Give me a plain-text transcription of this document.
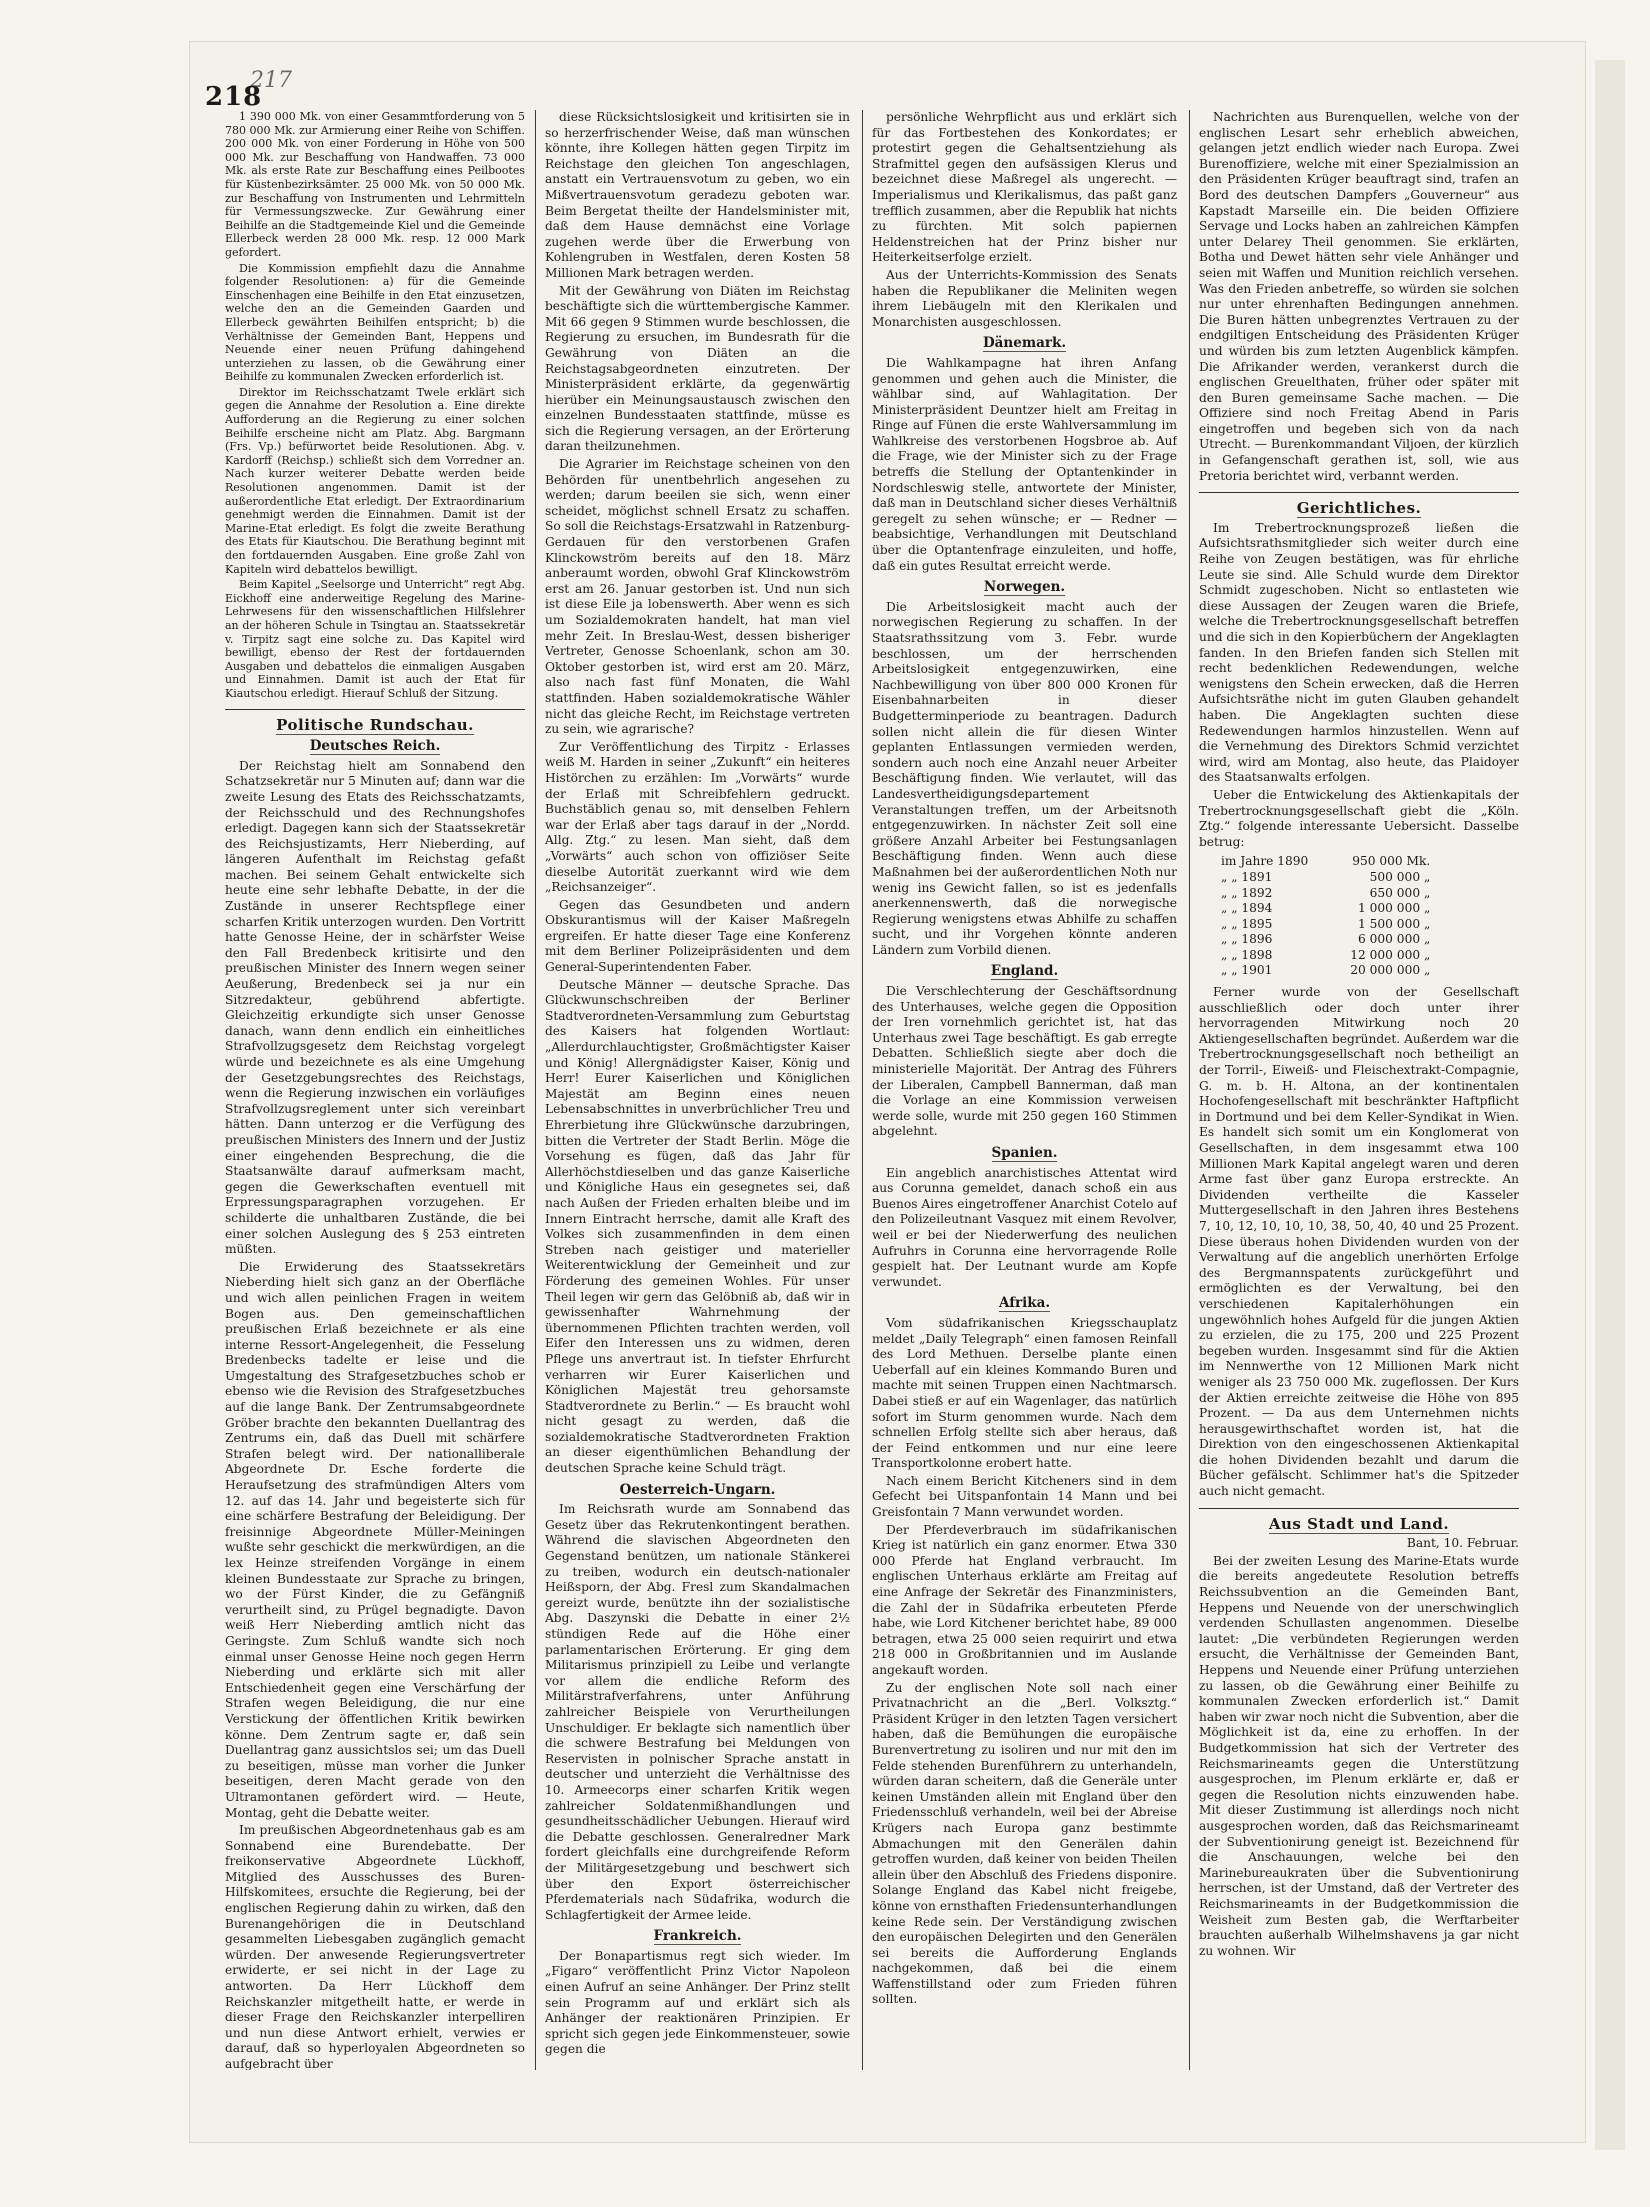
217
218

1 390 000 Mk. von einer Gesammtforderung von 5 780 000 Mk. zur Armierung einer Reihe von Schiffen. 200 000 Mk. von einer Forderung in Höhe von 500 000 Mk. zur Beschaffung von Handwaffen. 73 000 Mk. als erste Rate zur Beschaffung eines Peilbootes für Küstenbezirksämter. 25 000 Mk. von 50 000 Mk. zur Beschaffung von Instrumenten und Lehrmitteln für Vermessungszwecke. Zur Gewährung einer Beihilfe an die Stadtgemeinde Kiel und die Gemeinde Ellerbeck werden 28 000 Mk. resp. 12 000 Mark gefordert.

Die Kommission empfiehlt dazu die Annahme folgender Resolutionen: a) für die Gemeinde Einschenhagen eine Beihilfe in den Etat einzusetzen, welche den an die Gemeinden Gaarden und Ellerbeck gewährten Beihilfen entspricht; b) die Verhältnisse der Gemeinden Bant, Heppens und Neuende einer neuen Prüfung dahingehend unterziehen zu lassen, ob die Gewährung einer Beihilfe zu kommunalen Zwecken erforderlich ist.

Direktor im Reichsschatzamt Twele erklärt sich gegen die Annahme der Resolution a. Eine direkte Aufforderung an die Regierung zu einer solchen Beihilfe erscheine nicht am Platz. Abg. Bargmann (Frs. Vp.) befürwortet beide Resolutionen. Abg. v. Kardorff (Reichsp.) schließt sich dem Vorredner an. Nach kurzer weiterer Debatte werden beide Resolutionen angenommen. Damit ist der außerordentliche Etat erledigt. Der Extraordinarium genehmigt werden die Einnahmen. Damit ist der Marine-Etat erledigt. Es folgt die zweite Berathung des Etats für Kiautschou. Die Berathung beginnt mit den fortdauernden Ausgaben. Eine große Zahl von Kapiteln wird debattelos bewilligt.

Beim Kapitel „Seelsorge und Unterricht“ regt Abg. Eickhoff eine anderweitige Regelung des Marine-Lehrwesens für den wissenschaftlichen Hilfslehrer an der höheren Schule in Tsingtau an. Staatssekretär v. Tirpitz sagt eine solche zu. Das Kapitel wird bewilligt, ebenso der Rest der fortdauernden Ausgaben und debattelos die einmaligen Ausgaben und Einnahmen. Damit ist auch der Etat für Kiautschou erledigt. Hierauf Schluß der Sitzung.

Politische Rundschau.
Deutsches Reich.

Der Reichstag hielt am Sonnabend den Schatzsekretär nur 5 Minuten auf; dann war die zweite Lesung des Etats des Reichsschatzamts, der Reichsschuld und des Rechnungshofes erledigt. Dagegen kann sich der Staatssekretär des Reichsjustizamts, Herr Nieberding, auf längeren Aufenthalt im Reichstag gefaßt machen. Bei seinem Gehalt entwickelte sich heute eine sehr lebhafte Debatte, in der die Zustände in unserer Rechtspflege einer scharfen Kritik unterzogen wurden. Den Vortritt hatte Genosse Heine, der in schärfster Weise den Fall Bredenbeck kritisirte und den preußischen Minister des Innern wegen seiner Aeußerung, Bredenbeck sei ja nur ein Sitzredakteur, gebührend abfertigte. Gleichzeitig erkundigte sich unser Genosse danach, wann denn endlich ein einheitliches Strafvollzugsgesetz dem Reichstag vorgelegt würde und bezeichnete es als eine Umgehung der Gesetzgebungsrechtes des Reichstags, wenn die Regierung inzwischen ein vorläufiges Strafvollzugsreglement unter sich vereinbart hätten. Dann unterzog er die Verfügung des preußischen Ministers des Innern und der Justiz einer eingehenden Besprechung, die die Staatsanwälte darauf aufmerksam macht, gegen die Gewerkschaften eventuell mit Erpressungsparagraphen vorzugehen. Er schilderte die unhaltbaren Zustände, die bei einer solchen Auslegung des § 253 eintreten müßten.

Die Erwiderung des Staatssekretärs Nieberding hielt sich ganz an der Oberfläche und wich allen peinlichen Fragen in weitem Bogen aus. Den gemeinschaftlichen preußischen Erlaß bezeichnete er als eine interne Ressort-Angelegenheit, die Fesselung Bredenbecks tadelte er leise und die Umgestaltung des Strafgesetzbuches schob er ebenso wie die Revision des Strafgesetzbuches auf die lange Bank. Der Zentrumsabgeordnete Gröber brachte den bekannten Duellantrag des Zentrums ein, daß das Duell mit schärfere Strafen belegt wird. Der nationalliberale Abgeordnete Dr. Esche forderte die Heraufsetzung des strafmündigen Alters vom 12. auf das 14. Jahr und begeisterte sich für eine schärfere Bestrafung der Beleidigung. Der freisinnige Abgeordnete Müller-Meiningen wußte sehr geschickt die merkwürdigen, an die lex Heinze streifenden Vorgänge in einem kleinen Bundesstaate zur Sprache zu bringen, wo der Fürst Kinder, die zu Gefängniß verurtheilt sind, zu Prügel begnadigte. Davon weiß Herr Nieberding amtlich nicht das Geringste. Zum Schluß wandte sich noch einmal unser Genosse Heine noch gegen Herrn Nieberding und erklärte sich mit aller Entschiedenheit gegen eine Verschärfung der Strafen wegen Beleidigung, die nur eine Verstickung der öffentlichen Kritik bewirken könne. Dem Zentrum sagte er, daß sein Duellantrag ganz aussichtslos sei; um das Duell zu beseitigen, müsse man vorher die Junker beseitigen, deren Macht gerade von den Ultramontanen gefördert wird. — Heute, Montag, geht die Debatte weiter.

Im preußischen Abgeordnetenhaus gab es am Sonnabend eine Burendebatte. Der freikonservative Abgeordnete Lückhoff, Mitglied des Ausschusses des Buren-Hilfskomitees, ersuchte die Regierung, bei der englischen Regierung dahin zu wirken, daß den Burenangehörigen die in Deutschland gesammelten Liebesgaben zugänglich gemacht würden. Der anwesende Regierungsvertreter erwiderte, er sei nicht in der Lage zu antworten. Da Herr Lückhoff dem Reichskanzler mitgetheilt hatte, er werde in dieser Frage den Reichskanzler interpelliren und nun diese Antwort erhielt, verwies er darauf, daß so hyperloyalen Abgeordneten so aufgebracht über

diese Rücksichtslosigkeit und kritisirten sie in so herzerfrischender Weise, daß man wünschen könnte, ihre Kollegen hätten gegen Tirpitz im Reichstage den gleichen Ton angeschlagen, anstatt ein Vertrauensvotum zu geben, wo ein Mißvertrauensvotum geradezu geboten war. Beim Bergetat theilte der Handelsminister mit, daß dem Hause demnächst eine Vorlage zugehen werde über die Erwerbung von Kohlengruben in Westfalen, deren Kosten 58 Millionen Mark betragen werden.

Mit der Gewährung von Diäten im Reichstag beschäftigte sich die württembergische Kammer. Mit 66 gegen 9 Stimmen wurde beschlossen, die Regierung zu ersuchen, im Bundesrath für die Gewährung von Diäten an die Reichstagsabgeordneten einzutreten. Der Ministerpräsident erklärte, da gegenwärtig hierüber ein Meinungsaustausch zwischen den einzelnen Bundesstaaten stattfinde, müsse es sich die Regierung versagen, an der Erörterung daran theilzunehmen.

Die Agrarier im Reichstage scheinen von den Behörden für unentbehrlich angesehen zu werden; darum beeilen sie sich, wenn einer scheidet, möglichst schnell Ersatz zu schaffen. So soll die Reichstags-Ersatzwahl in Ratzenburg-Gerdauen für den verstorbenen Grafen Klinckowström bereits auf den 18. März anberaumt worden, obwohl Graf Klinckowström erst am 26. Januar gestorben ist. Und nun sich ist diese Eile ja lobenswerth. Aber wenn es sich um Sozialdemokraten handelt, hat man viel mehr Zeit. In Breslau-West, dessen bisheriger Vertreter, Genosse Schoenlank, schon am 30. Oktober gestorben ist, wird erst am 20. März, also nach fast fünf Monaten, die Wahl stattfinden. Haben sozialdemokratische Wähler nicht das gleiche Recht, im Reichstage vertreten zu sein, wie agrarische?

Zur Veröffentlichung des Tirpitz - Erlasses weiß M. Harden in seiner „Zukunft“ ein heiteres Histörchen zu erzählen: Im „Vorwärts“ wurde der Erlaß mit Schreibfehlern gedruckt. Buchstäblich genau so, mit denselben Fehlern war der Erlaß aber tags darauf in der „Nordd. Allg. Ztg.“ zu lesen. Man sieht, daß dem „Vorwärts“ auch schon von offiziöser Seite dieselbe Autorität zuerkannt wird wie dem „Reichsanzeiger“.

Gegen das Gesundbeten und andern Obskurantismus will der Kaiser Maßregeln ergreifen. Er hatte dieser Tage eine Konferenz mit dem Berliner Polizeipräsidenten und dem General-Superintendenten Faber.

Deutsche Männer — deutsche Sprache. Das Glückwunschschreiben der Berliner Stadtverordneten-Versammlung zum Geburtstag des Kaisers hat folgenden Wortlaut: „Allerdurchlauchtigster, Großmächtigster Kaiser und König! Allergnädigster Kaiser, König und Herr! Eurer Kaiserlichen und Königlichen Majestät am Beginn eines neuen Lebensabschnittes in unverbrüchlicher Treu und Ehrerbietung ihre Glückwünsche darzubringen, bitten die Vertreter der Stadt Berlin. Möge die Vorsehung es fügen, daß das Jahr für Allerhöchstdieselben und das ganze Kaiserliche und Königliche Haus ein gesegnetes sei, daß nach Außen der Frieden erhalten bleibe und im Innern Eintracht herrsche, damit alle Kraft des Volkes sich zusammenfinden in dem einen Streben nach geistiger und materieller Weiterentwicklung der Gemeinheit und zur Förderung des gemeinen Wohles. Für unser Theil legen wir gern das Gelöbniß ab, daß wir in gewissenhafter Wahrnehmung der übernommenen Pflichten trachten werden, voll Eifer den Interessen uns zu widmen, deren Pflege uns anvertraut ist. In tiefster Ehrfurcht verharren wir Eurer Kaiserlichen und Königlichen Majestät treu gehorsamste Stadtverordnete zu Berlin.“ — Es braucht wohl nicht gesagt zu werden, daß die sozialdemokratische Stadtverordneten Fraktion an dieser eigenthümlichen Behandlung der deutschen Sprache keine Schuld trägt.

Oesterreich-Ungarn.

Im Reichsrath wurde am Sonnabend das Gesetz über das Rekrutenkontingent berathen. Während die slavischen Abgeordneten den Gegenstand benützen, um nationale Stänkerei zu treiben, wodurch ein deutsch-nationaler Heißsporn, der Abg. Fresl zum Skandalmachen gereizt wurde, benützte ihn der sozialistische Abg. Daszynski die Debatte in einer 2½ stündigen Rede auf die Höhe einer parlamentarischen Erörterung. Er ging dem Militarismus prinzipiell zu Leibe und verlangte vor allem die endliche Reform des Militärstrafverfahrens, unter Anführung zahlreicher Beispiele von Verurtheilungen Unschuldiger. Er beklagte sich namentlich über die schwere Bestrafung bei Meldungen von Reservisten in polnischer Sprache anstatt in deutscher und unterzieht die Verhältnisse des 10. Armeecorps einer scharfen Kritik wegen zahlreicher Soldatenmißhandlungen und gesundheitsschädlicher Uebungen. Hierauf wird die Debatte geschlossen. Generalredner Mark fordert gleichfalls eine durchgreifende Reform der Militärgesetzgebung und beschwert sich über den Export österreichischer Pferdematerials nach Südafrika, wodurch die Schlagfertigkeit der Armee leide.

Frankreich.

Der Bonapartismus regt sich wieder. Im „Figaro“ veröffentlicht Prinz Victor Napoleon einen Aufruf an seine Anhänger. Der Prinz stellt sein Programm auf und erklärt sich als Anhänger der reaktionären Prinzipien. Er spricht sich gegen jede Einkommensteuer, sowie gegen die

persönliche Wehrpflicht aus und erklärt sich für das Fortbestehen des Konkordates; er protestirt gegen die Gehaltsentziehung als Strafmittel gegen den aufsässigen Klerus und bezeichnet diese Maßregel als ungerecht. — Imperialismus und Klerikalismus, das paßt ganz trefflich zusammen, aber die Republik hat nichts zu fürchten. Mit solch papiernen Heldenstreichen hat der Prinz bisher nur Heiterkeitserfolge erzielt.

Aus der Unterrichts-Kommission des Senats haben die Republikaner die Meliniten wegen ihrem Liebäugeln mit den Klerikalen und Monarchisten ausgeschlossen.

Dänemark.

Die Wahlkampagne hat ihren Anfang genommen und gehen auch die Minister, die wählbar sind, auf Wahlagitation. Der Ministerpräsident Deuntzer hielt am Freitag in Ringe auf Fünen die erste Wahlversammlung im Wahlkreise des verstorbenen Hogsbroe ab. Auf die Frage, wie der Minister sich zu der Frage betreffs die Stellung der Optantenkinder in Nordschleswig stelle, antwortete der Minister, daß man in Deutschland sicher dieses Verhältniß geregelt zu sehen wünsche; er — Redner — beabsichtige, Verhandlungen mit Deutschland über die Optantenfrage einzuleiten, und hoffe, daß ein gutes Resultat erreicht werde.

Norwegen.

Die Arbeitslosigkeit macht auch der norwegischen Regierung zu schaffen. In der Staatsrathssitzung vom 3. Febr. wurde beschlossen, um der herrschenden Arbeitslosigkeit entgegenzuwirken, eine Nachbewilligung von über 800 000 Kronen für Eisenbahnarbeiten in dieser Budgetterminperiode zu beantragen. Dadurch sollen nicht allein die für diesen Winter geplanten Entlassungen vermieden werden, sondern auch noch eine Anzahl neuer Arbeiter Beschäftigung finden. Wie verlautet, will das Landesvertheidigungsdepartement Veranstaltungen treffen, um der Arbeitsnoth entgegenzuwirken. In nächster Zeit soll eine größere Anzahl Arbeiter bei Festungsanlagen Beschäftigung finden. Wenn auch diese Maßnahmen bei der außerordentlichen Noth nur wenig ins Gewicht fallen, so ist es jedenfalls anerkennenswerth, daß die norwegische Regierung wenigstens etwas Abhilfe zu schaffen sucht, und ihr Vorgehen könnte anderen Ländern zum Vorbild dienen.

England.

Die Verschlechterung der Geschäftsordnung des Unterhauses, welche gegen die Opposition der Iren vornehmlich gerichtet ist, hat das Unterhaus zwei Tage beschäftigt. Es gab erregte Debatten. Schließlich siegte aber doch die ministerielle Majorität. Der Antrag des Führers der Liberalen, Campbell Bannerman, daß man die Vorlage an eine Kommission verweisen werde solle, wurde mit 250 gegen 160 Stimmen abgelehnt.

Spanien.

Ein angeblich anarchistisches Attentat wird aus Corunna gemeldet, danach schoß ein aus Buenos Aires eingetroffener Anarchist Cotelo auf den Polizeileutnant Vasquez mit einem Revolver, weil er bei der Niederwerfung des neulichen Aufruhrs in Corunna eine hervorragende Rolle gespielt hat. Der Leutnant wurde am Kopfe verwundet.

Afrika.

Vom südafrikanischen Kriegsschauplatz meldet „Daily Telegraph“ einen famosen Reinfall des Lord Methuen. Derselbe plante einen Ueberfall auf ein kleines Kommando Buren und machte mit seinen Truppen einen Nachtmarsch. Dabei stieß er auf ein Wagenlager, das natürlich sofort im Sturm genommen wurde. Nach dem schnellen Erfolg stellte sich aber heraus, daß der Feind entkommen und nur eine leere Transportkolonne erobert hatte.

Nach einem Bericht Kitcheners sind in dem Gefecht bei Uitspanfontain 14 Mann und bei Greisfontain 7 Mann verwundet worden.

Der Pferdeverbrauch im südafrikanischen Krieg ist natürlich ein ganz enormer. Etwa 330 000 Pferde hat England verbraucht. Im englischen Unterhaus erklärte am Freitag auf eine Anfrage der Sekretär des Finanzministers, die Zahl der in Südafrika erbeuteten Pferde habe, wie Lord Kitchener berichtet habe, 89 000 betragen, etwa 25 000 seien requirirt und etwa 218 000 in Großbritannien und im Auslande angekauft worden.

Zu der englischen Note soll nach einer Privatnachricht an die „Berl. Volksztg.“ Präsident Krüger in den letzten Tagen versichert haben, daß die Bemühungen die europäische Burenvertretung zu isoliren und nur mit den im Felde stehenden Burenführern zu unterhandeln, würden daran scheitern, daß die Generäle unter keinen Umständen allein mit England über den Friedensschluß verhandeln, weil bei der Abreise Krügers nach Europa ganz bestimmte Abmachungen mit den Generälen dahin getroffen wurden, daß keiner von beiden Theilen allein über den Abschluß des Friedens disponire. Solange England das Kabel nicht freigebe, könne von ernsthaften Friedensunterhandlungen keine Rede sein. Der Verständigung zwischen den europäischen Delegirten und den Generälen sei bereits die Aufforderung Englands nachgekommen, daß bei die einem Waffenstillstand oder zum Frieden führen sollten.

Nachrichten aus Burenquellen, welche von der englischen Lesart sehr erheblich abweichen, gelangen jetzt endlich wieder nach Europa. Zwei Burenoffiziere, welche mit einer Spezialmission an den Präsidenten Krüger beauftragt sind, trafen an Bord des deutschen Dampfers „Gouverneur“ aus Kapstadt Marseille ein. Die beiden Offiziere Servage und Locks haben an zahlreichen Kämpfen unter Delarey Theil genommen. Sie erklärten, Botha und Dewet hätten sehr viele Anhänger und seien mit Waffen und Munition reichlich versehen. Was den Frieden anbetreffe, so würden sie solchen nur unter ehrenhaften Bedingungen annehmen. Die Buren hätten unbegrenztes Vertrauen zu der endgiltigen Entscheidung des Präsidenten Krüger und würden bis zum letzten Augenblick kämpfen. Die Afrikander werden, verankerst durch die englischen Greuelthaten, früher oder später mit den Buren gemeinsame Sache machen. — Die Offiziere sind noch Freitag Abend in Paris eingetroffen und begeben sich von da nach Utrecht. — Burenkommandant Viljoen, der kürzlich in Gefangenschaft gerathen ist, soll, wie aus Pretoria berichtet wird, verbannt werden.

Gerichtliches.

Im Trebertrocknungsprozeß ließen die Aufsichtsrathsmitglieder sich weiter durch eine Reihe von Zeugen bestätigen, was für ehrliche Leute sie sind. Alle Schuld wurde dem Direktor Schmidt zugeschoben. Nicht so entlasteten wie diese Aussagen der Zeugen waren die Briefe, welche die Trebertrocknungsgesellschaft betreffen und die sich in den Kopierbüchern der Angeklagten fanden. In den Briefen fanden sich Stellen mit recht bedenklichen Redewendungen, welche wenigstens den Schein erwecken, daß die Herren Aufsichtsräthe nicht im guten Glauben gehandelt haben. Die Angeklagten suchten diese Redewendungen harmlos hinzustellen. Wenn auf die Vernehmung des Direktors Schmid verzichtet wird, wird am Montag, also heute, das Plaidoyer des Staatsanwalts erfolgen.

Ueber die Entwickelung des Aktienkapitals der Trebertrocknungsgesellschaft giebt die „Köln. Ztg.“ folgende interessante Uebersicht. Dasselbe betrug:

im Jahre 1890	950 000 Mk.
„ „ 1891	500 000 „
„ „ 1892	650 000 „
„ „ 1894	1 000 000 „
„ „ 1895	1 500 000 „
„ „ 1896	6 000 000 „
„ „ 1898	12 000 000 „
„ „ 1901	20 000 000 „

Ferner wurde von der Gesellschaft ausschließlich oder doch unter ihrer hervorragenden Mitwirkung noch 20 Aktiengesellschaften begründet. Außerdem war die Trebertrocknungsgesellschaft noch betheiligt an der Torril-, Eiweiß- und Fleischextrakt-Compagnie, G. m. b. H. Altona, an der kontinentalen Hochofengesellschaft mit beschränkter Haftpflicht in Dortmund und bei dem Keller-Syndikat in Wien. Es handelt sich somit um ein Konglomerat von Gesellschaften, in dem insgesammt etwa 100 Millionen Mark Kapital angelegt waren und deren Arme fast über ganz Europa erstreckte. An Dividenden vertheilte die Kasseler Muttergesellschaft in den Jahren ihres Bestehens 7, 10, 12, 10, 10, 10, 38, 50, 40, 40 und 25 Prozent. Diese überaus hohen Dividenden wurden von der Verwaltung auf die angeblich unerhörten Erfolge des Bergmannspatents zurückgeführt und ermöglichten es der Verwaltung, bei den verschiedenen Kapitalerhöhungen ein ungewöhnlich hohes Aufgeld für die jungen Aktien zu erzielen, die zu 175, 200 und 225 Prozent begeben wurden. Insgesammt sind für die Aktien im Nennwerthe von 12 Millionen Mark nicht weniger als 23 750 000 Mk. zugeflossen. Der Kurs der Aktien erreichte zeitweise die Höhe von 895 Prozent. — Da aus dem Unternehmen nichts herausgewirthschaftet worden ist, hat die Direktion von den eingeschossenen Aktienkapital die hohen Dividenden bezahlt und darum die Bücher gefälscht. Schlimmer hat's die Spitzeder auch nicht gemacht.

Aus Stadt und Land.

Bant, 10. Februar.

Bei der zweiten Lesung des Marine-Etats wurde die bereits angedeutete Resolution betreffs Reichssubvention an die Gemeinden Bant, Heppens und Neuende von der unerschwinglich verdenden Schullasten angenommen. Dieselbe lautet: „Die verbündeten Regierungen werden ersucht, die Verhältnisse der Gemeinden Bant, Heppens und Neuende einer Prüfung unterziehen zu lassen, ob die Gewährung einer Beihilfe zu kommunalen Zwecken erforderlich ist.“ Damit haben wir zwar noch nicht die Subvention, aber die Möglichkeit ist da, eine zu erhoffen. In der Budgetkommission hat sich der Vertreter des Reichsmarineamts gegen die Unterstützung ausgesprochen, im Plenum erklärte er, daß er gegen die Resolution nichts einzuwenden habe. Mit dieser Zustimmung ist allerdings noch nicht ausgesprochen worden, daß das Reichsmarineamt der Subventionirung geneigt ist. Bezeichnend für die Anschauungen, welche bei den Marinebureaukraten über die Subventionirung herrschen, ist der Umstand, daß der Vertreter des Reichsmarineamts in der Budgetkommission die Weisheit zum Besten gab, die Werftarbeiter brauchten außerhalb Wilhelmshavens ja gar nicht zu wohnen. Wir
